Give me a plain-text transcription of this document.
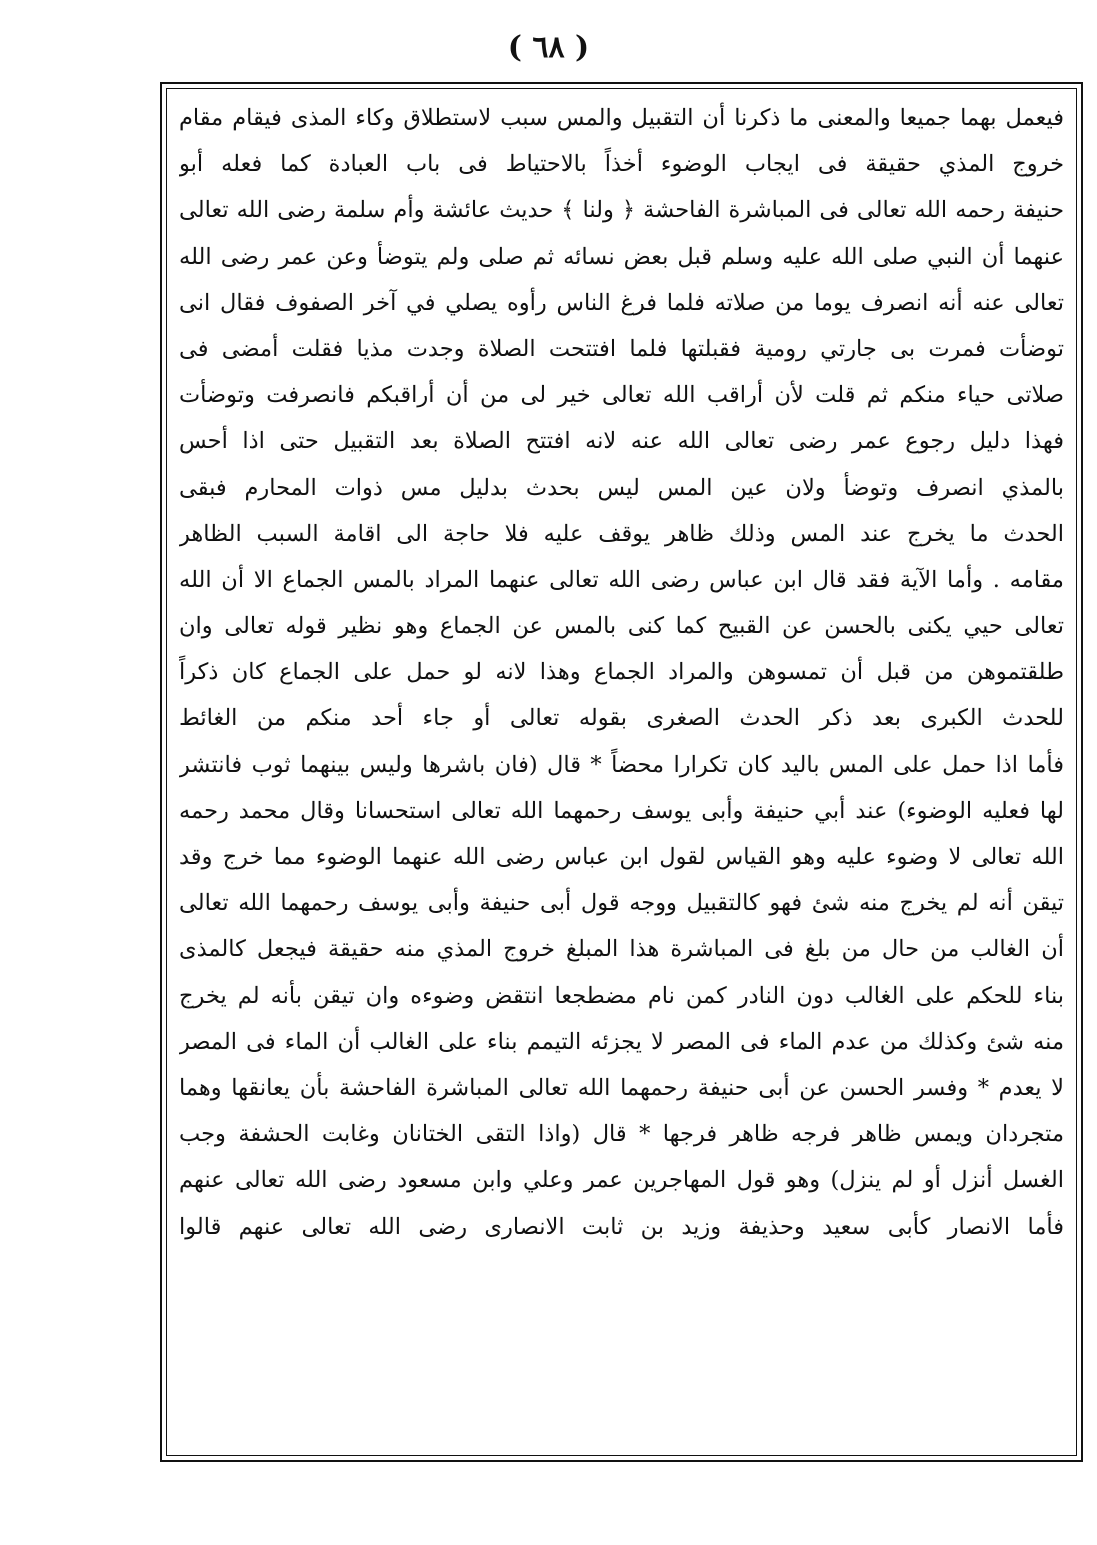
( ٦٨ )
فيعمل بهما جميعا والمعنى ما ذكرنا أن التقبيل والمس سبب لاستطلاق وكاء المذى فيقام مقام
خروج المذي حقيقة فى ايجاب الوضوء أخذاً بالاحتياط فى باب العبادة كما فعله أبو
حنيفة رحمه الله تعالى فى المباشرة الفاحشة ﴿ ولنا ﴾ حديث عائشة وأم سلمة رضى الله تعالى
عنهما أن النبي صلى الله عليه وسلم قبل بعض نسائه ثم صلى ولم يتوضأ وعن عمر رضى الله
تعالى عنه أنه انصرف يوما من صلاته فلما فرغ الناس رأوه يصلي في آخر الصفوف فقال انى
توضأت فمرت بى جارتي رومية فقبلتها فلما افتتحت الصلاة وجدت مذيا فقلت أمضى فى
صلاتى حياء منكم ثم قلت لأن أراقب الله تعالى خير لى من أن أراقبكم فانصرفت وتوضأت
فهذا دليل رجوع عمر رضى تعالى الله عنه لانه افتتح الصلاة بعد التقبيل حتى اذا أحس
بالمذي انصرف وتوضأ ولان عين المس ليس بحدث بدليل مس ذوات المحارم فبقى
الحدث ما يخرج عند المس وذلك ظاهر يوقف عليه فلا حاجة الى اقامة السبب الظاهر
مقامه . وأما الآية فقد قال ابن عباس رضى الله تعالى عنهما المراد بالمس الجماع الا أن الله
تعالى حيي يكنى بالحسن عن القبيح كما كنى بالمس عن الجماع وهو نظير قوله تعالى وان
طلقتموهن من قبل أن تمسوهن والمراد الجماع وهذا لانه لو حمل على الجماع كان ذكراً
للحدث الكبرى بعد ذكر الحدث الصغرى بقوله تعالى أو جاء أحد منكم من الغائط
فأما اذا حمل على المس باليد كان تكرارا محضاً * قال (فان باشرها وليس بينهما ثوب فانتشر
لها فعليه الوضوء) عند أبي حنيفة وأبى يوسف رحمهما الله تعالى استحسانا وقال محمد رحمه
الله تعالى لا وضوء عليه وهو القياس لقول ابن عباس رضى الله عنهما الوضوء مما خرج وقد
تيقن أنه لم يخرج منه شئ فهو كالتقبيل ووجه قول أبى حنيفة وأبى يوسف رحمهما الله تعالى
أن الغالب من حال من بلغ فى المباشرة هذا المبلغ خروج المذي منه حقيقة فيجعل كالمذى
بناء للحكم على الغالب دون النادر كمن نام مضطجعا انتقض وضوءه وان تيقن بأنه لم يخرج
منه شئ وكذلك من عدم الماء فى المصر لا يجزئه التيمم بناء على الغالب أن الماء فى المصر
لا يعدم * وفسر الحسن عن أبى حنيفة رحمهما الله تعالى المباشرة الفاحشة بأن يعانقها وهما
متجردان ويمس ظاهر فرجه ظاهر فرجها * قال (واذا التقى الختانان وغابت الحشفة وجب
الغسل أنزل أو لم ينزل) وهو قول المهاجرين عمر وعلي وابن مسعود رضى الله تعالى عنهم
فأما الانصار كأبى سعيد وحذيفة وزيد بن ثابت الانصارى رضى الله تعالى عنهم قالوا
